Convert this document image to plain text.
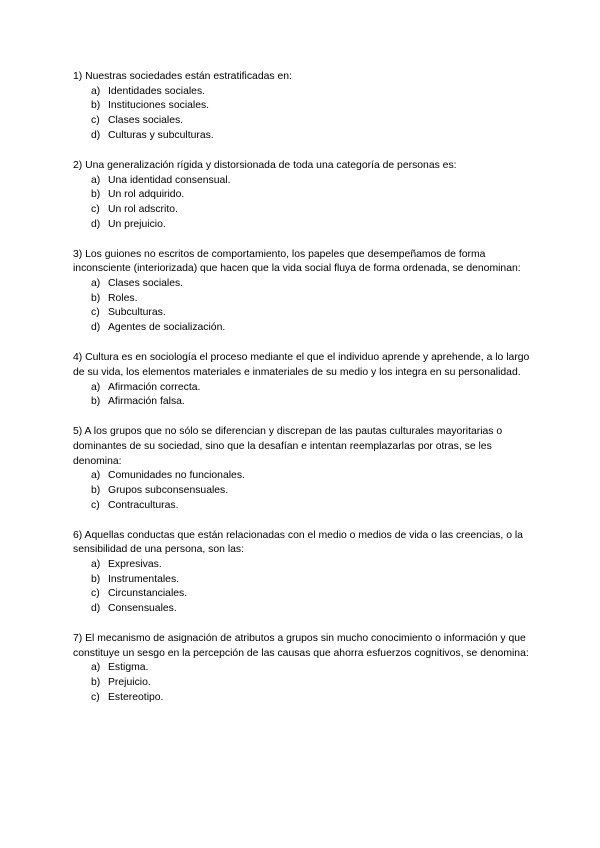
1) Nuestras sociedades están estratificadas en:

a) Identidades sociales.
b) Instituciones sociales.
c) Clases sociales.
d) Culturas y subculturas.

2) Una generalización rígida y distorsionada de toda una categoría de personas es:

a) Una identidad consensual.
b) Un rol adquirido.
c) Un rol adscrito.
d) Un prejuicio.

3) Los guiones no escritos de comportamiento, los papeles que desempeñamos de forma inconsciente (interiorizada) que hacen que la vida social fluya de forma ordenada, se denominan:

a) Clases sociales.
b) Roles.
c) Subculturas.
d) Agentes de socialización.

4) Cultura es en sociología el proceso mediante el que el individuo aprende y aprehende, a lo largo de su vida, los elementos materiales e inmateriales de su medio y los integra en su personalidad.

a) Afirmación correcta.
b) Afirmación falsa.

5) A los grupos que no sólo se diferencian y discrepan de las pautas culturales mayoritarias o dominantes de su sociedad, sino que la desafían e intentan reemplazarlas por otras, se les denomina:

a) Comunidades no funcionales.
b) Grupos subconsensuales.
c) Contraculturas.

6) Aquellas conductas que están relacionadas con el medio o medios de vida o las creencias, o la sensibilidad de una persona, son las:

a) Expresivas.
b) Instrumentales.
c) Circunstanciales.
d) Consensuales.

7) El mecanismo de asignación de atributos a grupos sin mucho conocimiento o información y que constituye un sesgo en la percepción de las causas que ahorra esfuerzos cognitivos, se denomina:

a) Estigma.
b) Prejuicio.
c) Estereotipo.
